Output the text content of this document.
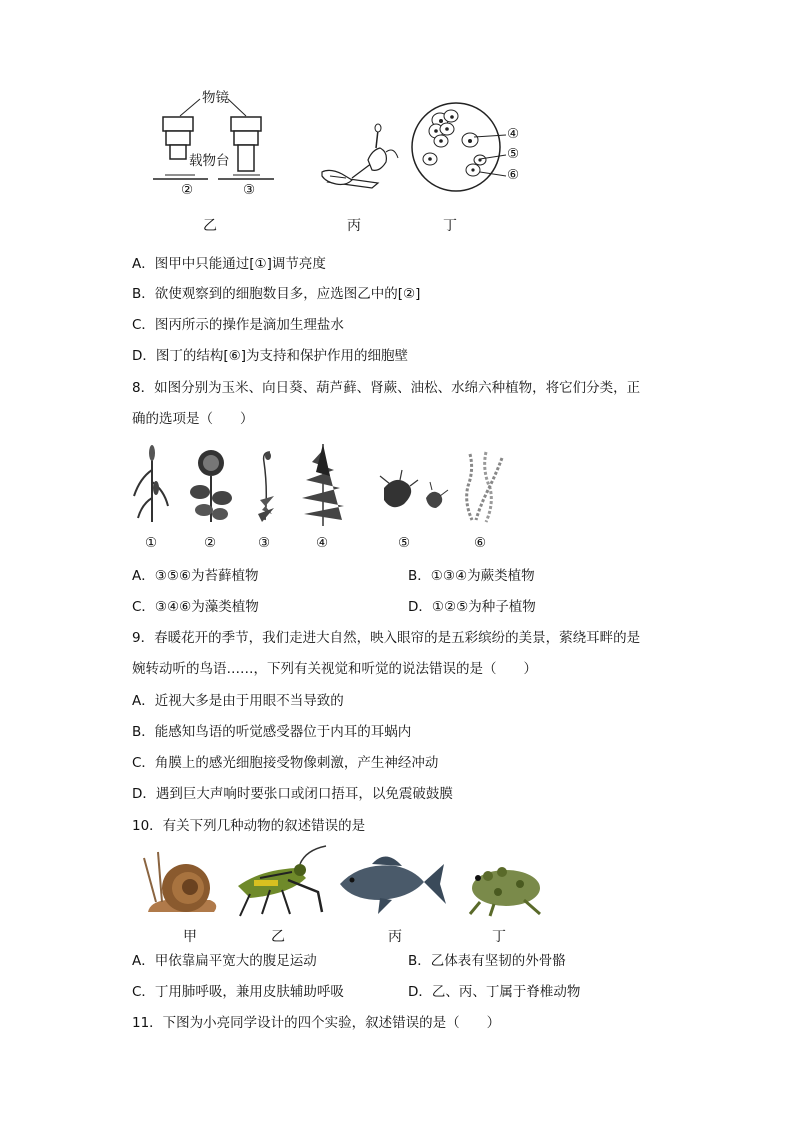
物镜
载物台
②	③
乙	丙
④
⑤
⑥
丁
A．图甲中只能通过[①]调节亮度
B．欲使观察到的细胞数目多，应选图乙中的[②]
C．图丙所示的操作是滴加生理盐水
D．图丁的结构[⑥]为支持和保护作用的细胞壁
8．如图分别为玉米、向日葵、葫芦藓、肾蕨、油松、水绵六种植物，将它们分类，正
确的选项是（　　）
①	②	③	④	⑤	⑥
A．③⑤⑥为苔藓植物	B．①③④为蕨类植物
C．③④⑥为藻类植物	D．①②⑤为种子植物
9．春暖花开的季节，我们走进大自然，映入眼帘的是五彩缤纷的美景，萦绕耳畔的是
婉转动听的鸟语……，下列有关视觉和听觉的说法错误的是（　　）
A．近视大多是由于用眼不当导致的
B．能感知鸟语的听觉感受器位于内耳的耳蜗内
C．角膜上的感光细胞接受物像刺激，产生神经冲动
D．遇到巨大声响时要张口或闭口捂耳，以免震破鼓膜
10．有关下列几种动物的叙述错误的是
甲	乙	丙	丁
A．甲依靠扁平宽大的腹足运动	B．乙体表有坚韧的外骨骼
C．丁用肺呼吸，兼用皮肤辅助呼吸	D．乙、丙、丁属于脊椎动物
11．下图为小亮同学设计的四个实验，叙述错误的是（　　）
